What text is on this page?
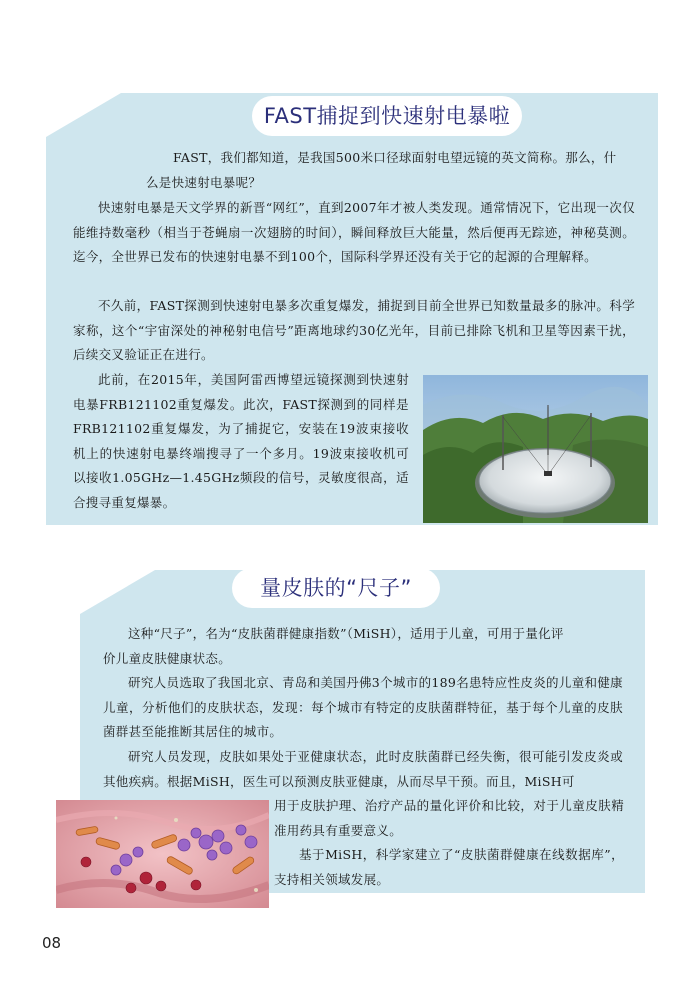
FAST捕捉到快速射电暴啦

FAST，我们都知道，是我国500米口径球面射电望远镜的英文简称。那么，什

么是快速射电暴呢？

快速射电暴是天文学界的新晋“网红”，直到2007年才被人类发现。通常情况下，它出现一次仅能维持数毫秒（相当于苍蝇扇一次翅膀的时间），瞬间释放巨大能量，然后便再无踪迹，神秘莫测。迄今，全世界已发布的快速射电暴不到100个，国际科学界还没有关于它的起源的合理解释。

不久前，FAST探测到快速射电暴多次重复爆发，捕捉到目前全世界已知数量最多的脉冲。科学家称，这个“宇宙深处的神秘射电信号”距离地球约30亿光年，目前已排除飞机和卫星等因素干扰，后续交叉验证正在进行。

此前，在2015年，美国阿雷西博望远镜探测到快速射电暴FRB121102重复爆发。此次，FAST探测到的同样是FRB121102重复爆发，为了捕捉它，安装在19波束接收机上的快速射电暴终端搜寻了一个多月。19波束接收机可以接收1.05GHz—1.45GHz频段的信号，灵敏度很高，适合搜寻重复爆暴。

量皮肤的“尺子”

这种“尺子”，名为“皮肤菌群健康指数”（MiSH），适用于儿童，可用于量化评

价儿童皮肤健康状态。

研究人员选取了我国北京、青岛和美国丹佛3个城市的189名患特应性皮炎的儿童和健康儿童，分析他们的皮肤状态，发现：每个城市有特定的皮肤菌群特征，基于每个儿童的皮肤菌群甚至能推断其居住的城市。

研究人员发现，皮肤如果处于亚健康状态，此时皮肤菌群已经失衡，很可能引发皮炎或其他疾病。根据MiSH，医生可以预测皮肤亚健康，从而尽早干预。而且，MiSH可

用于皮肤护理、治疗产品的量化评价和比较，对于儿童皮肤精准用药具有重要意义。

基于MiSH，科学家建立了“皮肤菌群健康在线数据库”，支持相关领域发展。

08
